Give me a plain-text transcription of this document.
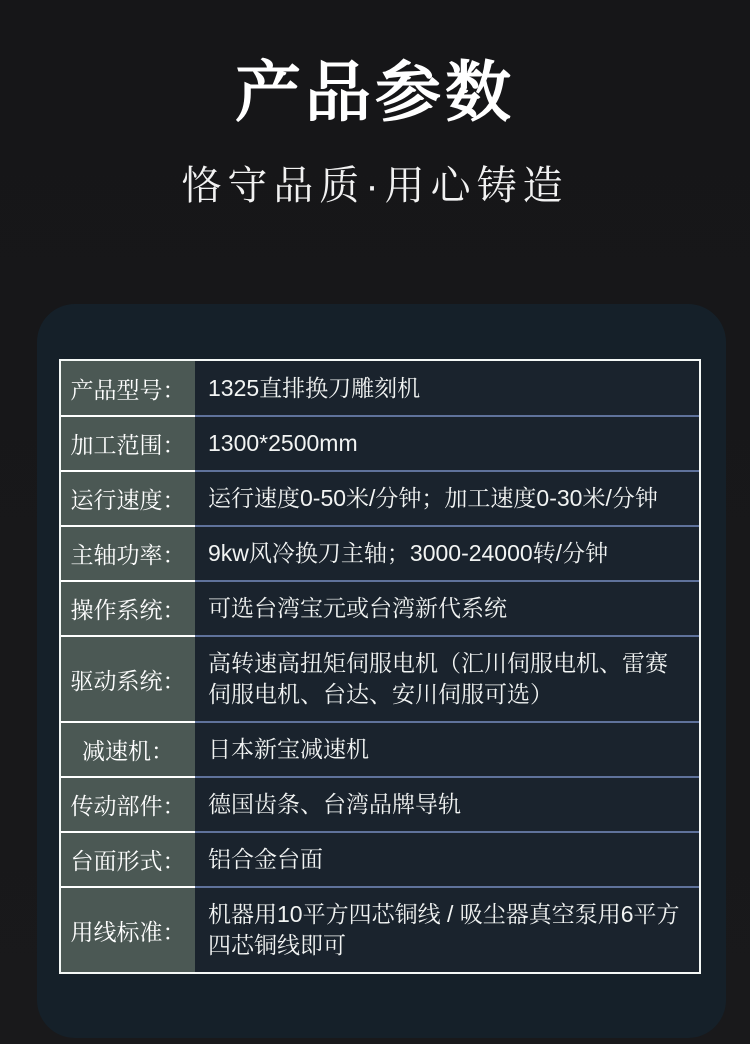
产品参数

恪守品质·用心铸造

产品型号： 1325直排换刀雕刻机
加工范围： 1300*2500mm
运行速度： 运行速度0-50米/分钟；加工速度0-30米/分钟
主轴功率： 9kw风冷换刀主轴；3000-24000转/分钟
操作系统： 可选台湾宝元或台湾新代系统
驱动系统：
高转速高扭矩伺服电机（汇川伺服电机、雷赛伺服电机、台达、安川伺服可选）
减速机：	日本新宝减速机
传动部件： 德国齿条、台湾品牌导轨
台面形式： 铝合金台面
用线标准：
机器用10平方四芯铜线 / 吸尘器真空泵用6平方四芯铜线即可
